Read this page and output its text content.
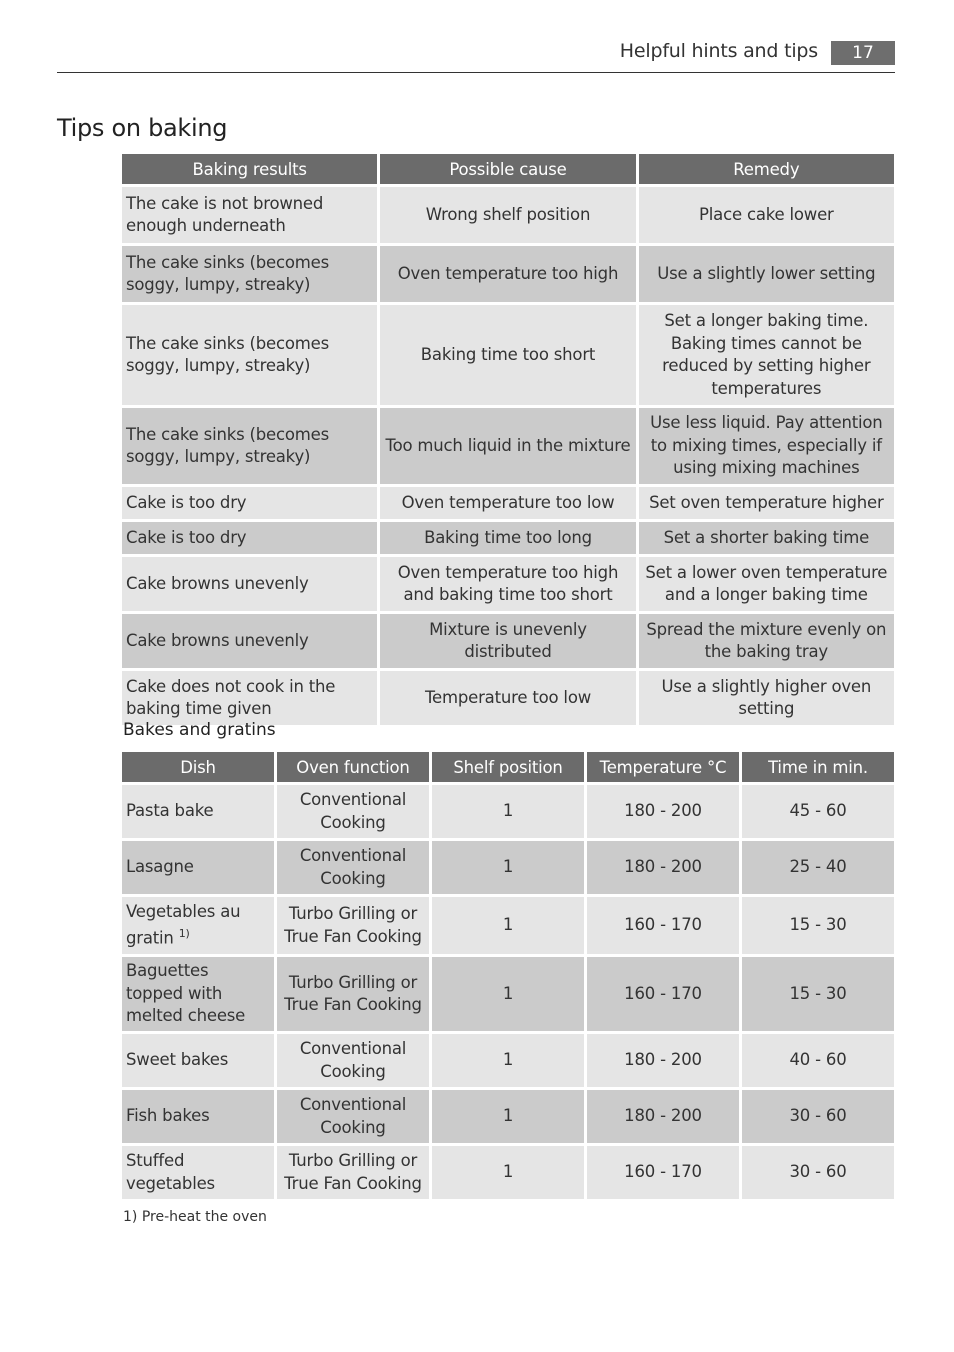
Helpful hints and tips	17
Tips on baking
Baking results	Possible cause	Remedy
The cake is not browned enough underneath	Wrong shelf position	Place cake lower
The cake sinks (becomes soggy, lumpy, streaky)	Oven temperature too high	Use a slightly lower setting
The cake sinks (becomes soggy, lumpy, streaky)	Baking time too short	Set a longer baking time. Baking times cannot be reduced by setting higher temperatures
The cake sinks (becomes soggy, lumpy, streaky)	Too much liquid in the mixture	Use less liquid. Pay attention to mixing times, especially if using mixing machines
Cake is too dry	Oven temperature too low	Set oven temperature higher
Cake is too dry	Baking time too long	Set a shorter baking time
Cake browns unevenly	Oven temperature too high and baking time too short	Set a lower oven temperature and a longer baking time
Cake browns unevenly	Mixture is unevenly distributed	Spread the mixture evenly on the baking tray
Cake does not cook in the baking time given	Temperature too low	Use a slightly higher oven setting
Bakes and gratins
Dish	Oven function	Shelf position	Temperature °C	Time in min.
Pasta bake	Conventional Cooking	1	180 - 200	45 - 60
Lasagne	Conventional Cooking	1	180 - 200	25 - 40
Vegetables au gratin $^{1)}$	Turbo Grilling or True Fan Cooking	1	160 - 170	15 - 30
Baguettes topped with melted cheese	Turbo Grilling or True Fan Cooking	1	160 - 170	15 - 30
Sweet bakes	Conventional Cooking	1	180 - 200	40 - 60
Fish bakes	Conventional Cooking	1	180 - 200	30 - 60
Stuffed vegetables	Turbo Grilling or True Fan Cooking	1	160 - 170	30 - 60
1) Pre-heat the oven
